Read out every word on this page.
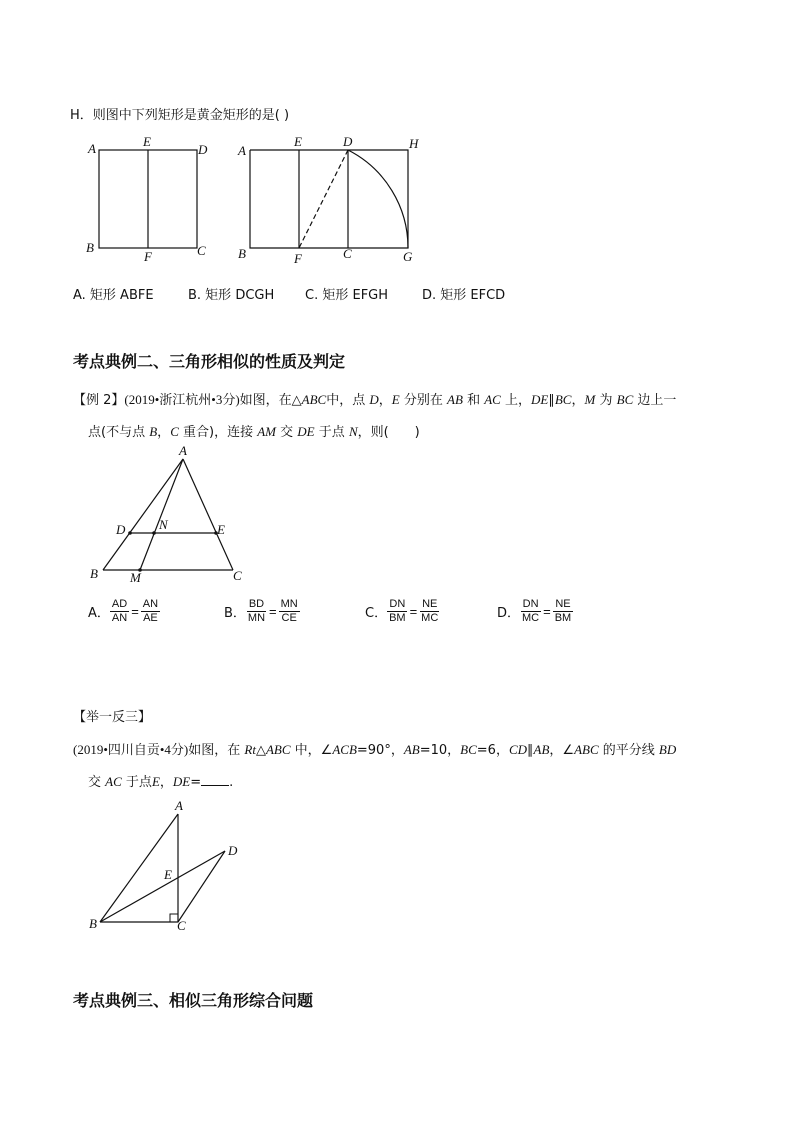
H．则图中下列矩形是黄金矩形的是( )
A	E
D
B
F	C
A
E	D	H
B	F	C	G
A. 矩形 ABFE	B. 矩形 DCGH C. 矩形 EFGH	D. 矩形 EFCD
考点典例二、三角形相似的性质及判定
【例 2】(2019•浙江杭州•3分)如图，在△ABC中，点 D，E 分别在 AB 和 AC 上，DE∥BC，M 为 BC 边上一
点(不与点 B，C 重合)，连接 AM 交 DE 于点 N，则(　　)
A
D	N	E
B M	C
A． $\frac{AD}{AN} = \frac{AN}{AE}$	B． $\frac{BD}{MN} = \frac{MN}{CE}$	C． $\frac{DN}{BM} = \frac{NE}{MC}$	D． $\frac{DN}{MC} = \frac{NE}{BM}$
【举一反三】
(2019•四川自贡•4分)如图，在 Rt△ABC 中，∠ACB=90°，AB=10，BC=6，CD∥AB，∠ABC 的平分线 BD
交 AC 于点E，DE= .
A
D
E
B	C
考点典例三、相似三角形综合问题
